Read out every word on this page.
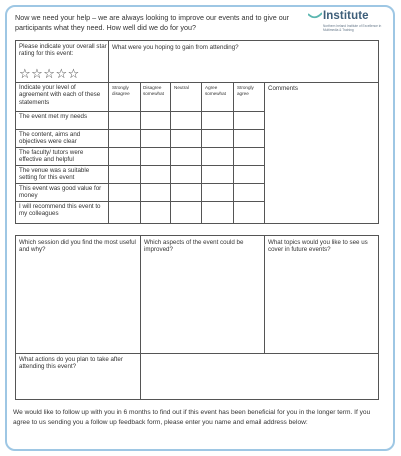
Now we need your help – we are always looking to improve our events and to give our participants what they need. How well did we do for you?
Institute
Northern Ireland Institute of Excellence in Multimedia & Training
Please indicate your overall star rating for this event:
☆☆☆☆☆
What were you hoping to gain from attending?
Indicate your level of agreement with each of these statements
Strongly disagree
Disagree somewhat
Neutral	Agree somewhat
Strongly agree
Comments
The event met my needs
The content, aims and objectives were clear
The faculty/ tutors were effective and helpful
The venue was a suitable setting for this event
This event was good value for money
I will recommend this event to my colleagues
Which session did you find the most useful and why?
Which aspects of the event could be improved?
What topics would you like to see us cover in future events?
What actions do you plan to take after attending this event?
We would like to follow up with you in 6 months to find out if this event has been beneficial for you in the longer term. If you agree to us sending you a follow up feedback form, please enter you name and email address below:
